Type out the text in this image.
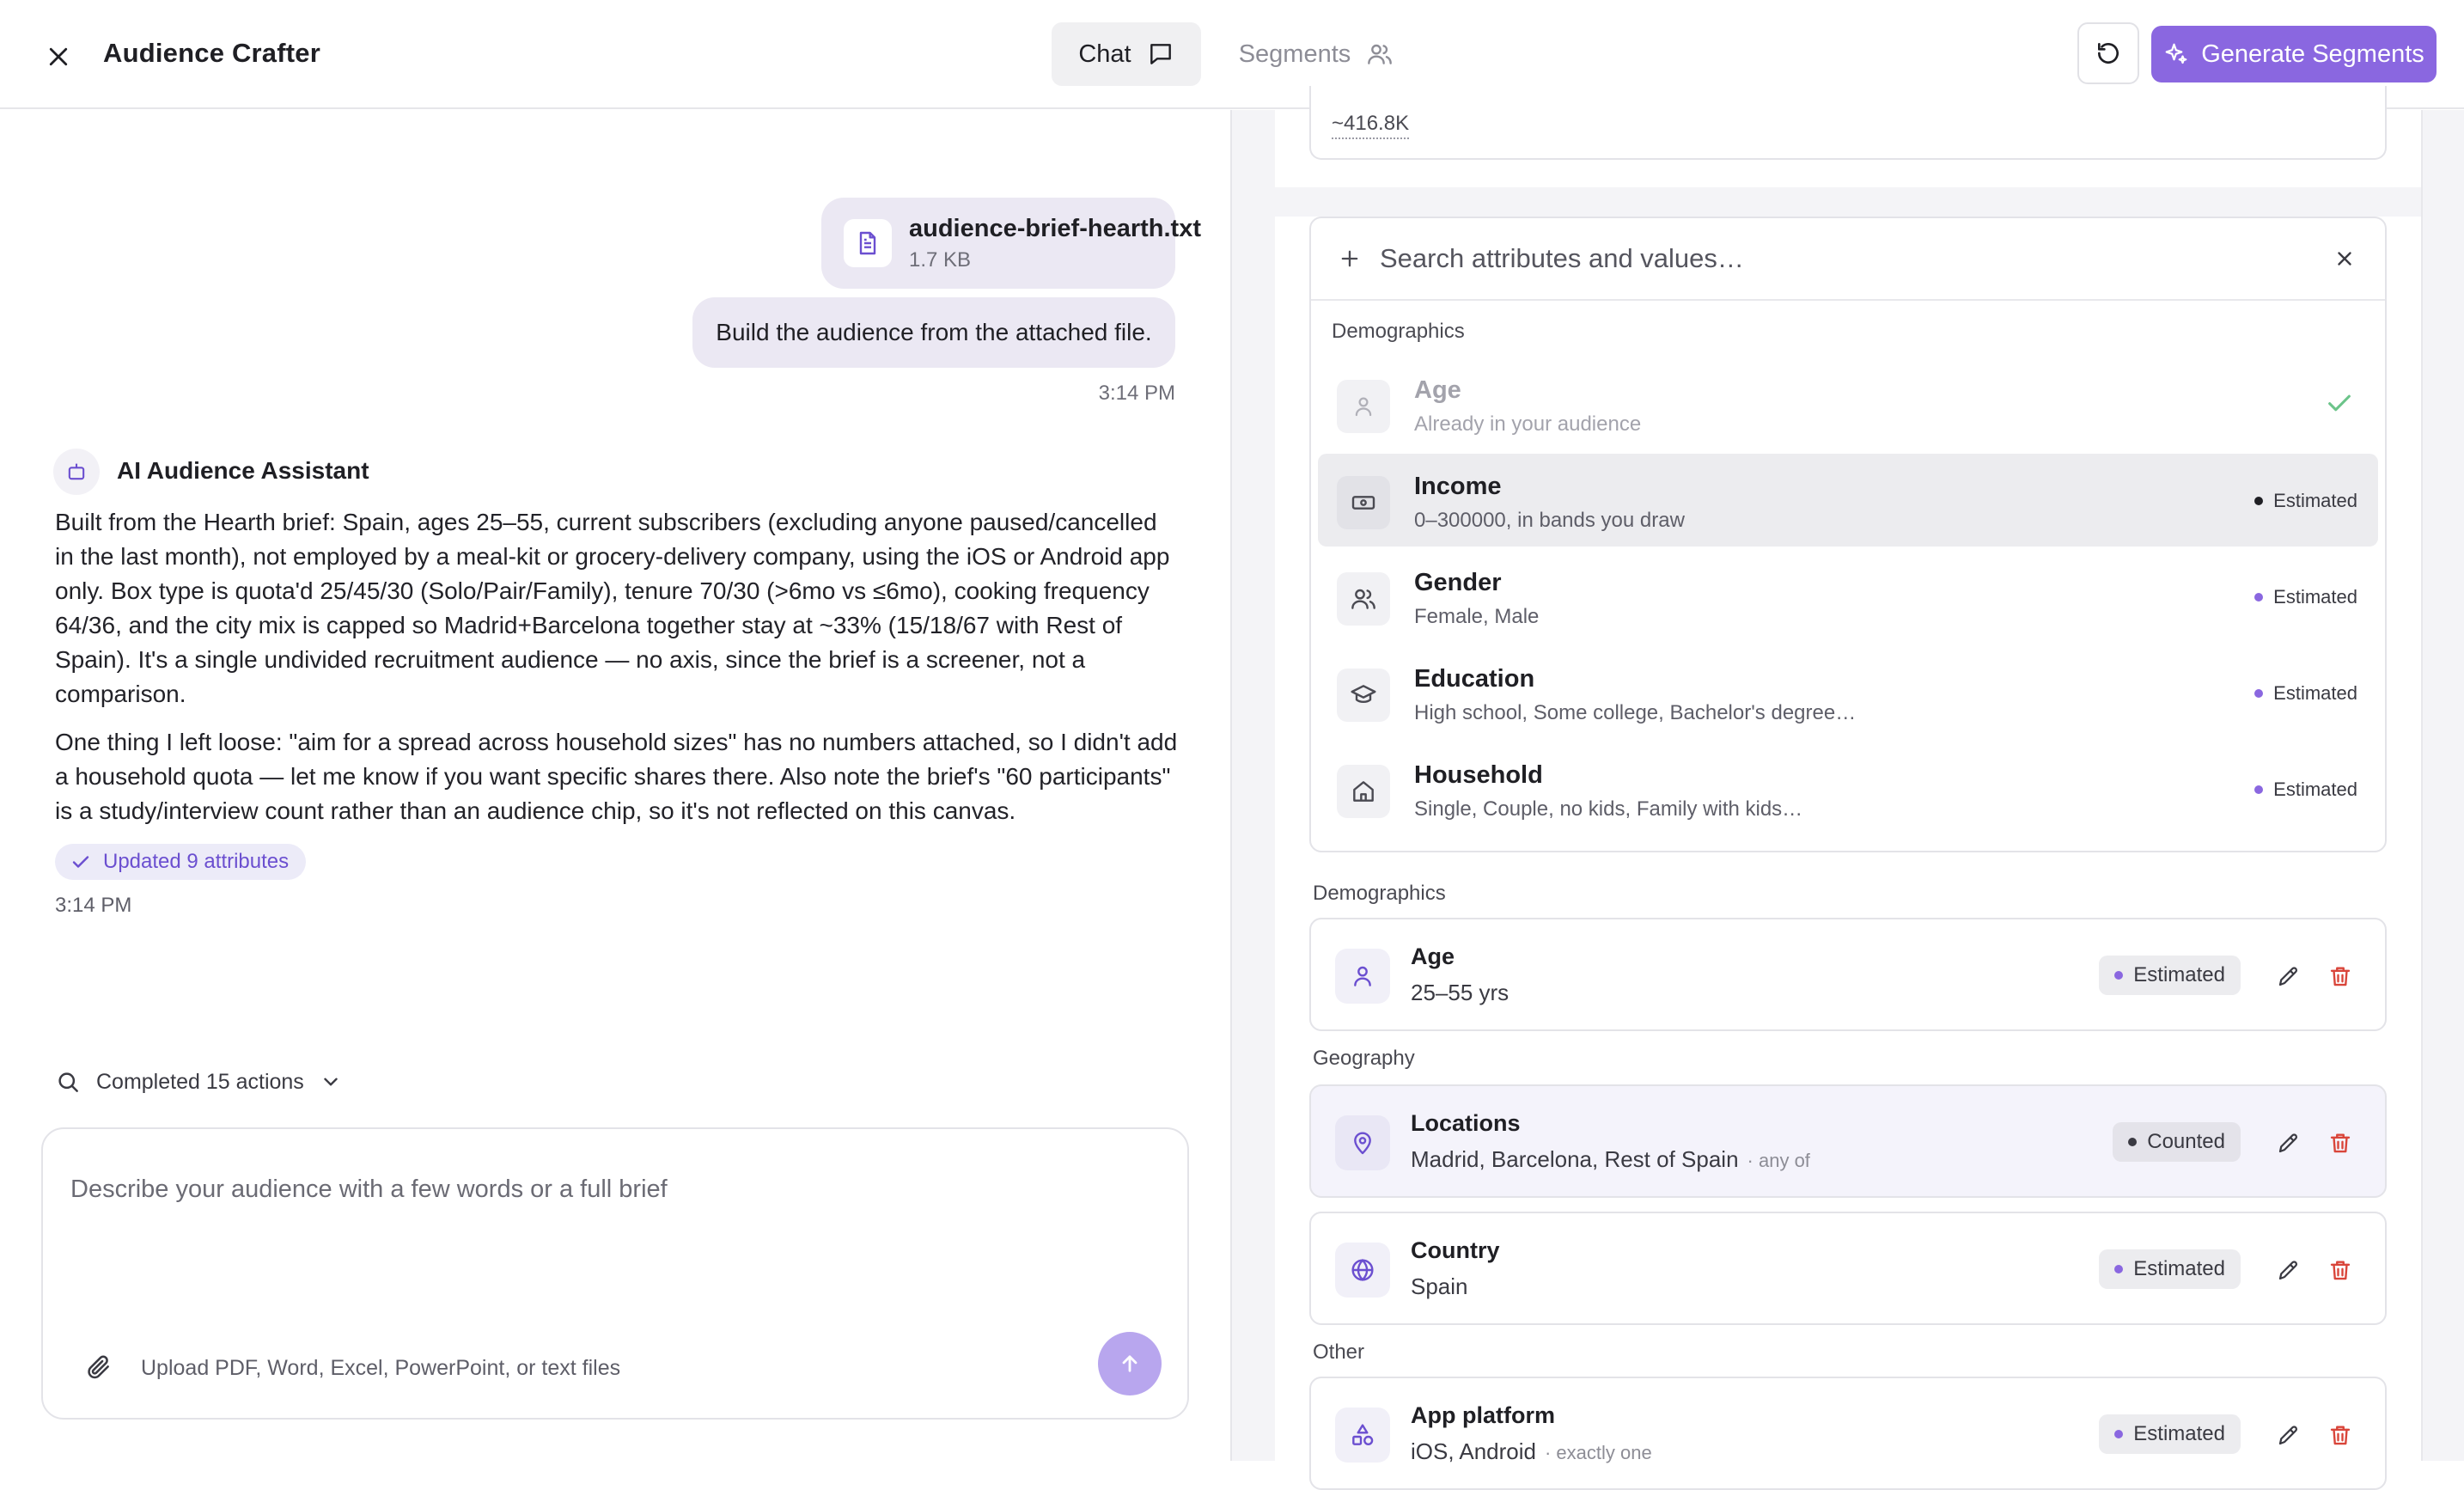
Audience Crafter	Chat	Segments	Generate Segments
audience-brief-hearth.txt
1.7 KB
Build the audience from the attached file.
3:14 PM
AI Audience Assistant

Built from the Hearth brief: Spain, ages 25–55, current subscribers (excluding anyone paused/cancelled in the last month), not employed by a meal-kit or grocery-delivery company, using the iOS or Android app only. Box type is quota'd 25/45/30 (Solo/Pair/Family), tenure 70/30 (>6mo vs ≤6mo), cooking frequency 64/36, and the city mix is capped so Madrid+Barcelona together stay at ~33% (15/18/67 with Rest of Spain). It's a single undivided recruitment audience — no axis, since the brief is a screener, not a comparison.

One thing I left loose: "aim for a spread across household sizes" has no numbers attached, so I didn't add a household quota — let me know if you want specific shares there. Also note the brief's "60 participants" is a study/interview count rather than an audience chip, so it's not reflected on this canvas.

Updated 9 attributes
3:14 PM
Completed 15 actions
Describe your audience with a few words or a full brief
Upload PDF, Word, Excel, PowerPoint, or text files
~416.8K
Search attributes and values…
Demographics
Age
Already in your audience
Income
0–300000, in bands you draw
Estimated
Gender
Female, Male
Estimated
Education
High school, Some college, Bachelor's degree…
Estimated
Household
Single, Couple, no kids, Family with kids…
Estimated
Demographics
Age
25–55 yrs
Estimated
Geography
Locations
Madrid, Barcelona, Rest of Spain · any of
Counted
Country
Spain
Estimated
Other
App platform
iOS, Android · exactly one
Estimated
